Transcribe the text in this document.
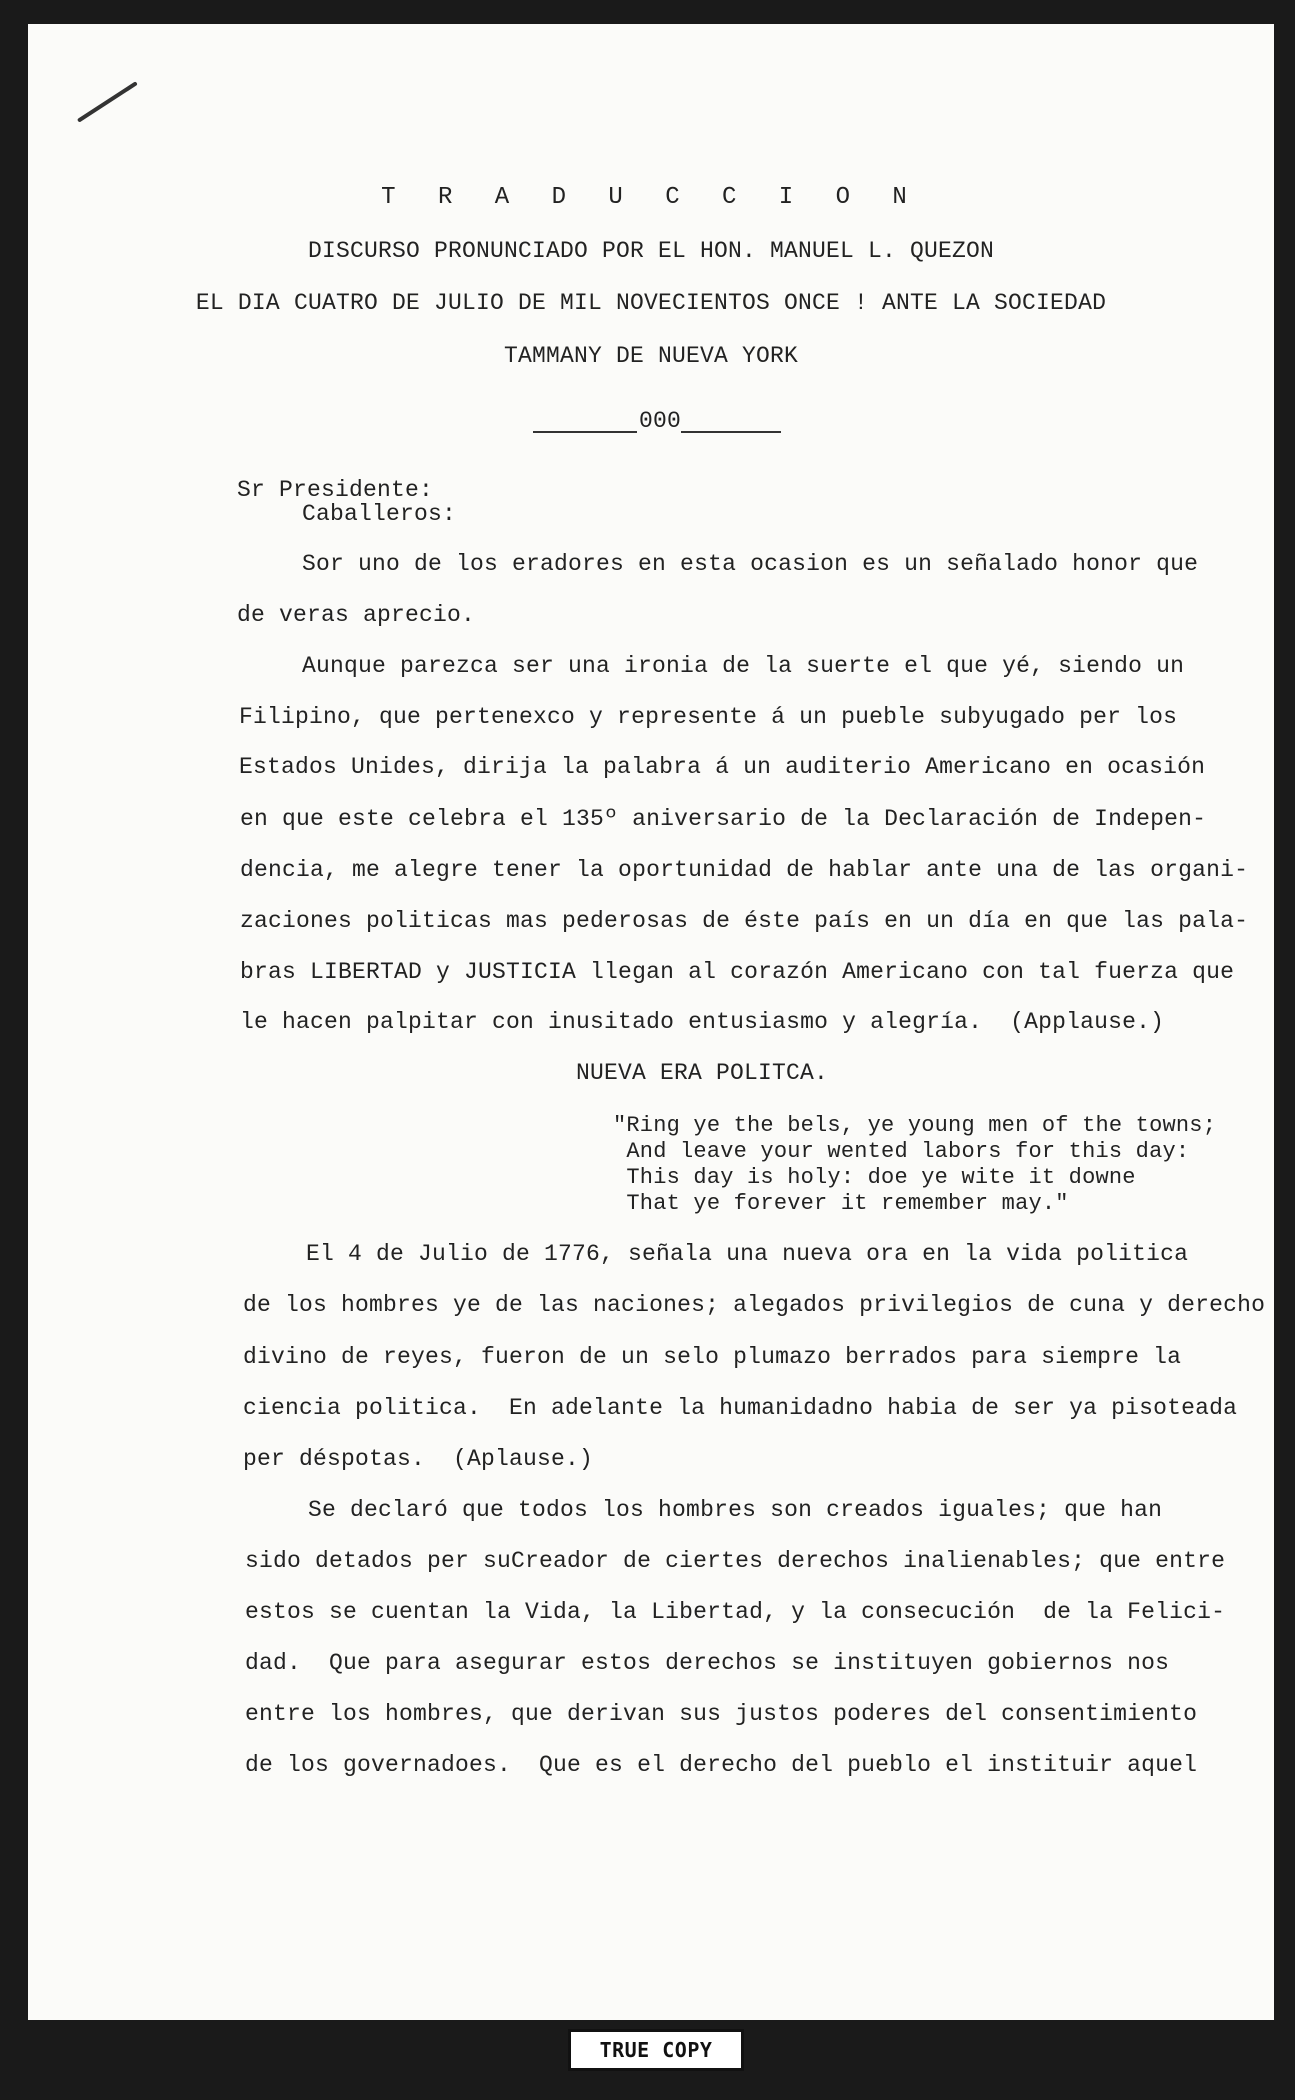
T R A D U C C I O N
DISCURSO PRONUNCIADO POR EL HON. MANUEL L. QUEZON
EL DIA CUATRO DE JULIO DE MIL NOVECIENTOS ONCE ! ANTE LA SOCIEDAD
TAMMANY DE NUEVA YORK
000
Sr Presidente:
Caballeros:
Sor uno de los eradores en esta ocasion es un señalado honor que
de veras aprecio.
Aunque parezca ser una ironia de la suerte el que yé, siendo un
Filipino, que pertenexco y represente á un pueble subyugado per los
Estados Unides, dirija la palabra á un auditerio Americano en ocasión
en que este celebra el 135º aniversario de la Declaración de Indepen-
dencia, me alegre tener la oportunidad de hablar ante una de las organi-
zaciones politicas mas pederosas de éste país en un día en que las pala-
bras LIBERTAD y JUSTICIA llegan al corazón Americano con tal fuerza que
le hacen palpitar con inusitado entusiasmo y alegría.  (Applause.)
NUEVA ERA POLITCA.
"Ring ye the bels, ye young men of the towns;
And leave your wented labors for this day:
This day is holy: doe ye wite it downe
That ye forever it remember may."
El 4 de Julio de 1776, señala una nueva ora en la vida politica
de los hombres ye de las naciones; alegados privilegios de cuna y derecho
divino de reyes, fueron de un selo plumazo berrados para siempre la
ciencia politica.  En adelante la humanidadno habia de ser ya pisoteada
per déspotas.  (Aplause.)
Se declaró que todos los hombres son creados iguales; que han
sido detados per suCreador de ciertes derechos inalienables; que entre
estos se cuentan la Vida, la Libertad, y la consecución  de la Felici-
dad.  Que para asegurar estos derechos se instituyen gobiernos nos
entre los hombres, que derivan sus justos poderes del consentimiento
de los governadoes.  Que es el derecho del pueblo el instituir aquel
TRUE COPY
